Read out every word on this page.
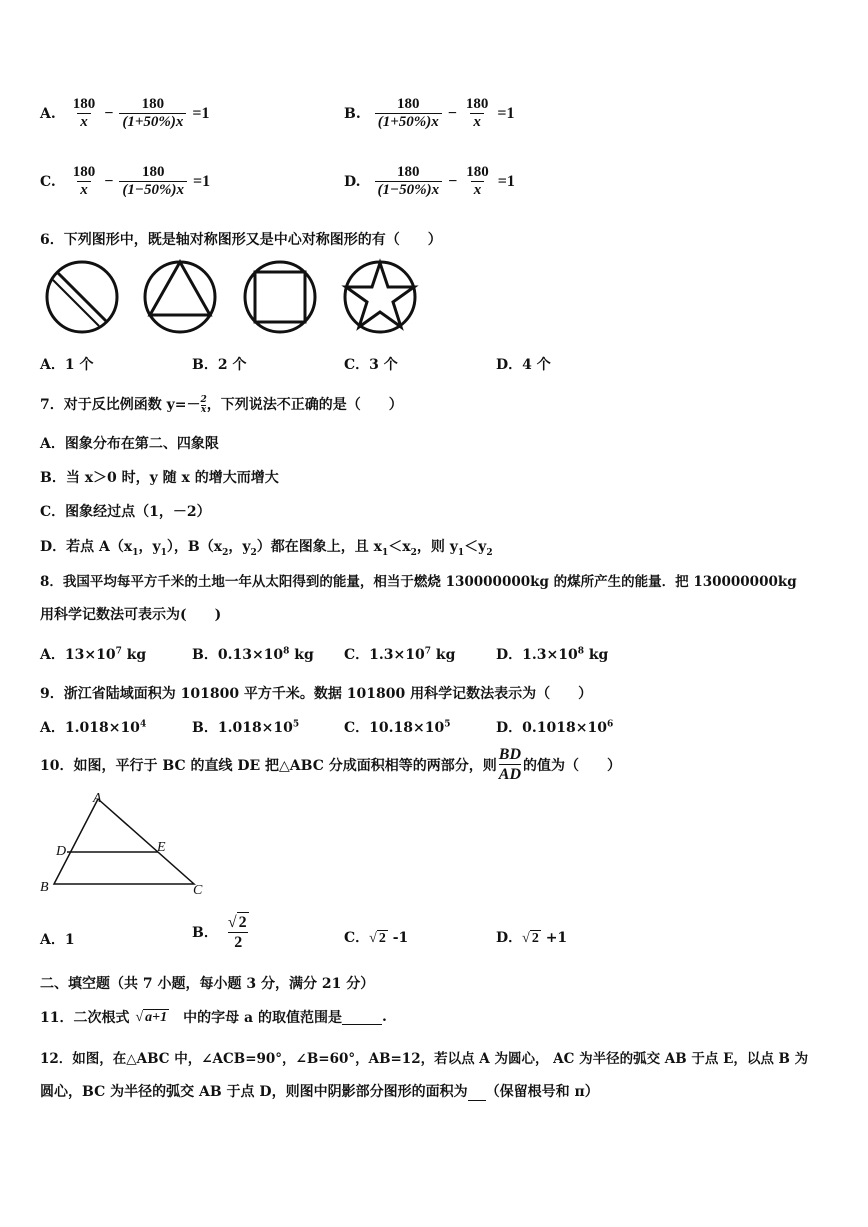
A. $\frac{180}{x} - \frac{180}{(1+50\%)x} =1$	B. $\frac{180}{(1+50\%)x} - \frac{180}{x} =1$
C. $\frac{180}{x} - \frac{180}{(1-50\%)x} =1$	D. $\frac{180}{(1-50\%)x} - \frac{180}{x} =1$
6．下列图形中，既是轴对称图形又是中心对称图形的有（　　）
A．1 个	B．2 个	C．3 个	D．4 个
7．对于反比例函数 $y=- \frac{2}{x}$ ，下列说法不正确的是（　　）
A．图象分布在第二、四象限
B．当 x＞0 时，y 随 x 的增大而增大
C．图象经过点（1，－2）
D．若点 $A(x_1$，$y_1$），$B(x_2$，$y_2$）都在图象上，且 $x_1<x_2$，则 $y_1<y_2$
8．我国平均每平方千米的土地一年从太阳得到的能量，相当于燃烧 130000000kg 的煤所产生的能量．把 130000000kg
用科学记数法可表示为(　　)
A．$13\times 10^7$ kg	B．$0.13\times 10^8$ kg C．$1.3\times 10^7$ kg	D．$1.3\times 10^8$ kg
9．浙江省陆域面积为 101800 平方千米。数据 101800 用科学记数法表示为（　　）
A．$1.018\times 10^4$	B．$1.018\times 10^5$	C．$10.18\times 10^5$	D．$0.1018\times 10^6$
10．如图，平行于 BC 的直线 DE 把△ABC 分成面积相等的两部分，则 $\frac{BD}{AD}$ 的值为（　　）
A
D	E
B	C
A．1	B． $\frac{√ 2}{2}$	C．√ 2 -1	D．√ 2 +1
二、填空题（共 7 小题，每小题 3 分，满分 21 分）
11．二次根式 √ a+1 中的字母 a 的取值范围是	.
12．如图，在△ABC 中，∠ACB=90°，∠B=60°，AB=12，若以点 A 为圆心， AC 为半径的弧交 AB 于点 E，以点 B 为
圆心，BC 为半径的弧交 AB 于点 D，则图中阴影部分图形的面积为 （保留根号和 π）
